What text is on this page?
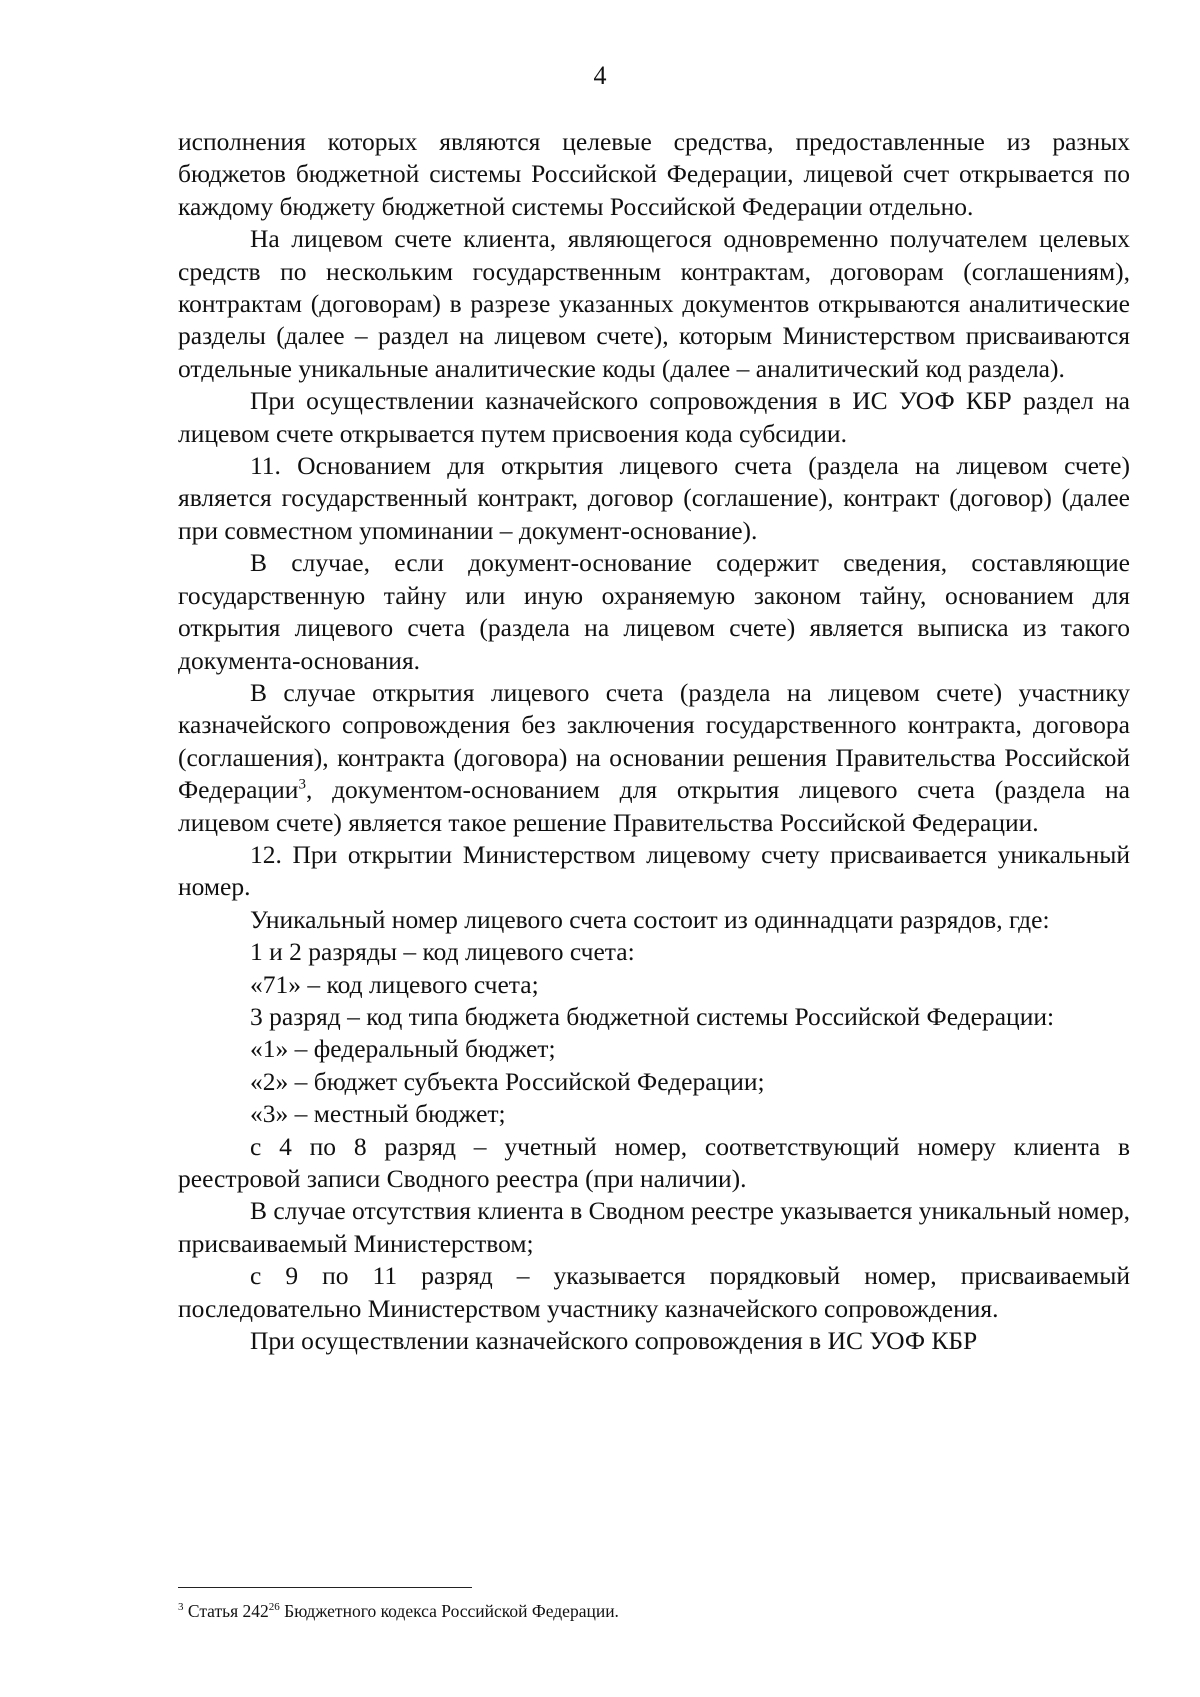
4

исполнения которых являются целевые средства, предоставленные из разных бюджетов бюджетной системы Российской Федерации, лицевой счет открывается по каждому бюджету бюджетной системы Российской Федерации отдельно.

На лицевом счете клиента, являющегося одновременно получателем целевых средств по нескольким государственным контрактам, договорам (соглашениям), контрактам (договорам) в разрезе указанных документов открываются аналитические разделы (далее – раздел на лицевом счете), которым Министерством присваиваются отдельные уникальные аналитические коды (далее – аналитический код раздела).

При осуществлении казначейского сопровождения в ИС УОФ КБР раздел на лицевом счете открывается путем присвоения кода субсидии.

11. Основанием для открытия лицевого счета (раздела на лицевом счете) является государственный контракт, договор (соглашение), контракт (договор) (далее при совместном упоминании – документ-основание).

В случае, если документ-основание содержит сведения, составляющие государственную тайну или иную охраняемую законом тайну, основанием для открытия лицевого счета (раздела на лицевом счете) является выписка из такого документа-основания.

В случае открытия лицевого счета (раздела на лицевом счете) участнику казначейского сопровождения без заключения государственного контракта, договора (соглашения), контракта (договора) на основании решения Правительства Российской Федерации$^3$, документом-основанием для открытия лицевого счета (раздела на лицевом счете) является такое решение Правительства Российской Федерации.

12. При открытии Министерством лицевому счету присваивается уникальный номер.

Уникальный номер лицевого счета состоит из одиннадцати разрядов, где:

1 и 2 разряды – код лицевого счета:

«71» – код лицевого счета;

3 разряд – код типа бюджета бюджетной системы Российской Федерации:

«1» – федеральный бюджет;

«2» – бюджет субъекта Российской Федерации;

«3» – местный бюджет;

с 4 по 8 разряд – учетный номер, соответствующий номеру клиента в реестровой записи Сводного реестра (при наличии).

В случае отсутствия клиента в Сводном реестре указывается уникальный номер, присваиваемый Министерством;

с 9 по 11 разряд – указывается порядковый номер, присваиваемый последовательно Министерством участнику казначейского сопровождения.

При осуществлении казначейского сопровождения в ИС УОФ КБР

$^3$ Статья $242^{26}$ Бюджетного кодекса Российской Федерации.
